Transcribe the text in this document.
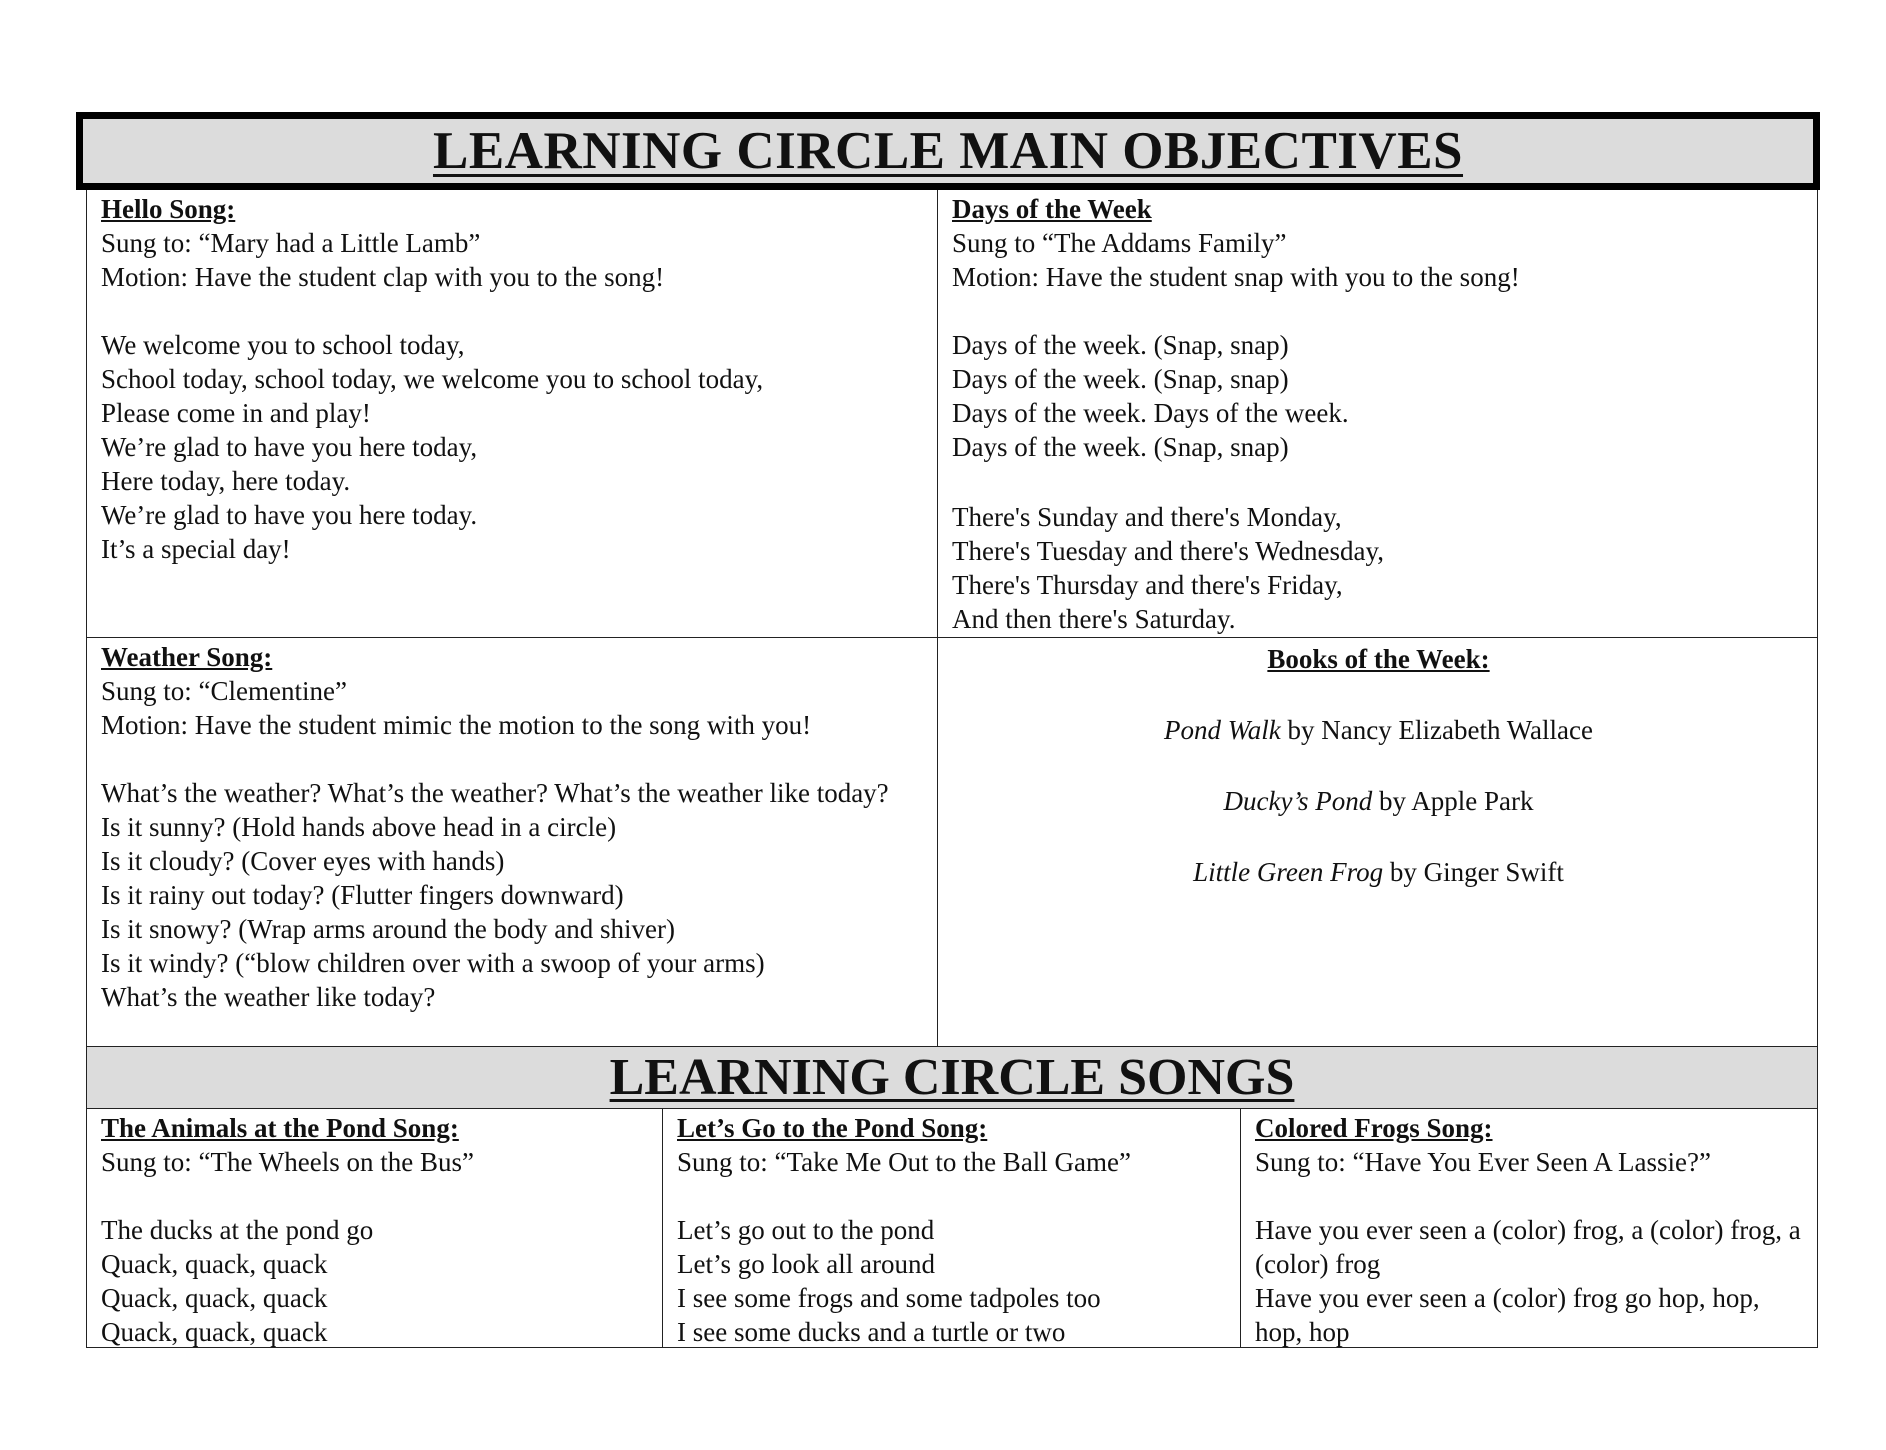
LEARNING CIRCLE MAIN OBJECTIVES
Hello Song:
Sung to: “Mary had a Little Lamb”
Motion: Have the student clap with you to the song!
We welcome you to school today,
School today, school today, we welcome you to school today,
Please come in and play!
We’re glad to have you here today,
Here today, here today.
We’re glad to have you here today.
It’s a special day!
Days of the Week
Sung to “The Addams Family”
Motion: Have the student snap with you to the song!
Days of the week. (Snap, snap)
Days of the week. (Snap, snap)
Days of the week. Days of the week.
Days of the week. (Snap, snap)
There's Sunday and there's Monday,
There's Tuesday and there's Wednesday,
There's Thursday and there's Friday,
And then there's Saturday.
Weather Song:
Sung to: “Clementine”
Motion: Have the student mimic the motion to the song with you!
What’s the weather? What’s the weather? What’s the weather like today?
Is it sunny? (Hold hands above head in a circle)
Is it cloudy? (Cover eyes with hands)
Is it rainy out today? (Flutter fingers downward)
Is it snowy? (Wrap arms around the body and shiver)
Is it windy? (“blow children over with a swoop of your arms)
What’s the weather like today?
Books of the Week:
Pond Walk by Nancy Elizabeth Wallace
Ducky’s Pond by Apple Park
Little Green Frog by Ginger Swift
LEARNING CIRCLE SONGS
The Animals at the Pond Song:
Sung to: “The Wheels on the Bus”
The ducks at the pond go
Quack, quack, quack
Quack, quack, quack
Quack, quack, quack
Let’s Go to the Pond Song:
Sung to: “Take Me Out to the Ball Game”
Let’s go out to the pond
Let’s go look all around
I see some frogs and some tadpoles too
I see some ducks and a turtle or two
Colored Frogs Song:
Sung to: “Have You Ever Seen A Lassie?”
Have you ever seen a (color) frog, a (color) frog, a (color) frog
Have you ever seen a (color) frog go hop, hop, hop, hop
